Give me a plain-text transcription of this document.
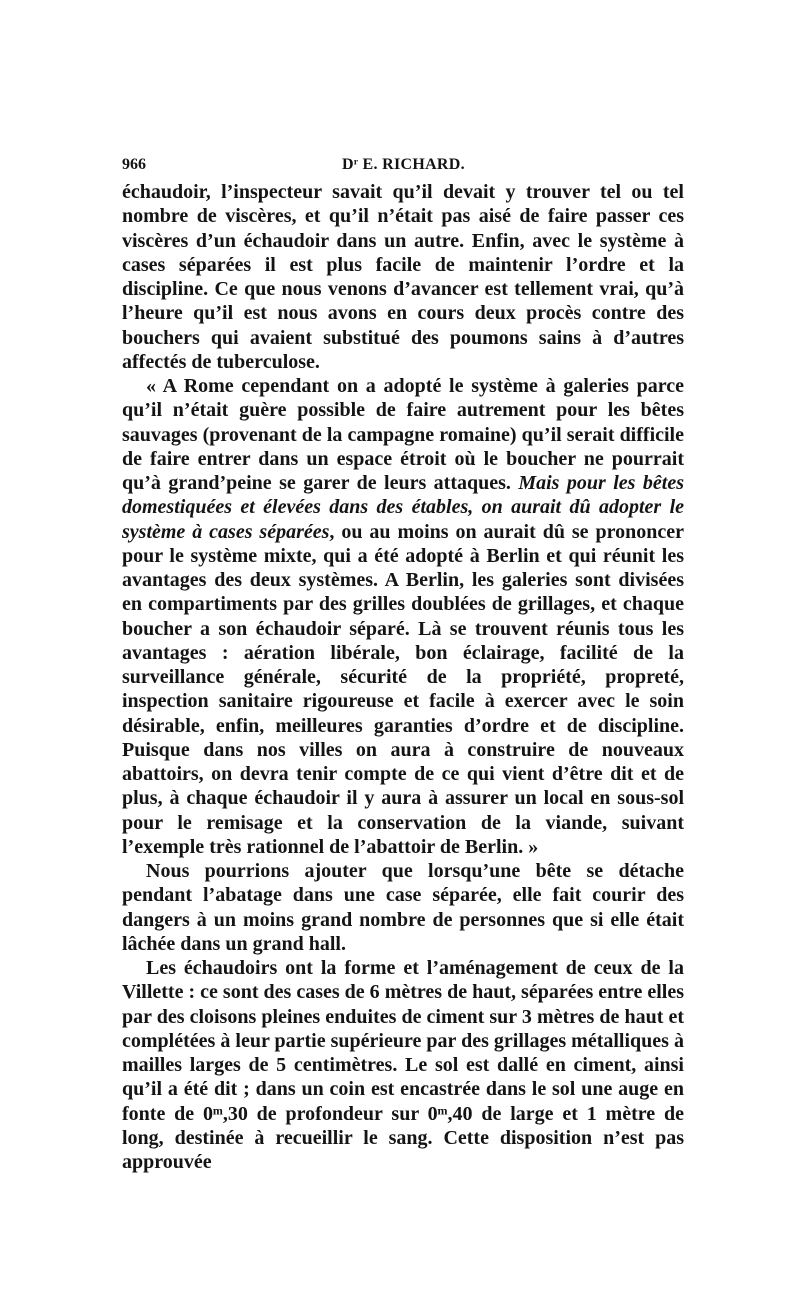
966	Dʳ E. RICHARD.

échaudoir, l’inspecteur savait qu’il devait y trouver tel ou tel nombre de viscères, et qu’il n’était pas aisé de faire passer ces viscères d’un échaudoir dans un autre. Enfin, avec le système à cases séparées il est plus facile de maintenir l’ordre et la discipline. Ce que nous venons d’avancer est tellement vrai, qu’à l’heure qu’il est nous avons en cours deux procès contre des bouchers qui avaient substitué des poumons sains à d’autres affectés de tuberculose.

« A Rome cependant on a adopté le système à galeries parce qu’il n’était guère possible de faire autrement pour les bêtes sauvages (provenant de la campagne romaine) qu’il serait difficile de faire entrer dans un espace étroit où le boucher ne pourrait qu’à grand’peine se garer de leurs attaques. Mais pour les bêtes domestiquées et élevées dans des étables, on aurait dû adopter le système à cases séparées, ou au moins on aurait dû se prononcer pour le système mixte, qui a été adopté à Berlin et qui réunit les avantages des deux systèmes. A Berlin, les galeries sont divisées en compartiments par des grilles doublées de grillages, et chaque boucher a son échaudoir séparé. Là se trouvent réunis tous les avantages : aération libérale, bon éclairage, facilité de la surveillance générale, sécurité de la propriété, propreté, inspection sanitaire rigoureuse et facile à exercer avec le soin désirable, enfin, meilleures garanties d’ordre et de discipline. Puisque dans nos villes on aura à construire de nouveaux abattoirs, on devra tenir compte de ce qui vient d’être dit et de plus, à chaque échaudoir il y aura à assurer un local en sous-sol pour le remisage et la conservation de la viande, suivant l’exemple très rationnel de l’abattoir de Berlin. »

Nous pourrions ajouter que lorsqu’une bête se détache pendant l’abatage dans une case séparée, elle fait courir des dangers à un moins grand nombre de personnes que si elle était lâchée dans un grand hall.

Les échaudoirs ont la forme et l’aménagement de ceux de la Villette : ce sont des cases de 6 mètres de haut, séparées entre elles par des cloisons pleines enduites de ciment sur 3 mètres de haut et complétées à leur partie supérieure par des grillages métalliques à mailles larges de 5 centimètres. Le sol est dallé en ciment, ainsi qu’il a été dit ; dans un coin est encastrée dans le sol une auge en fonte de 0ᵐ,30 de profondeur sur 0ᵐ,40 de large et 1 mètre de long, destinée à recueillir le sang. Cette disposition n’est pas approuvée
